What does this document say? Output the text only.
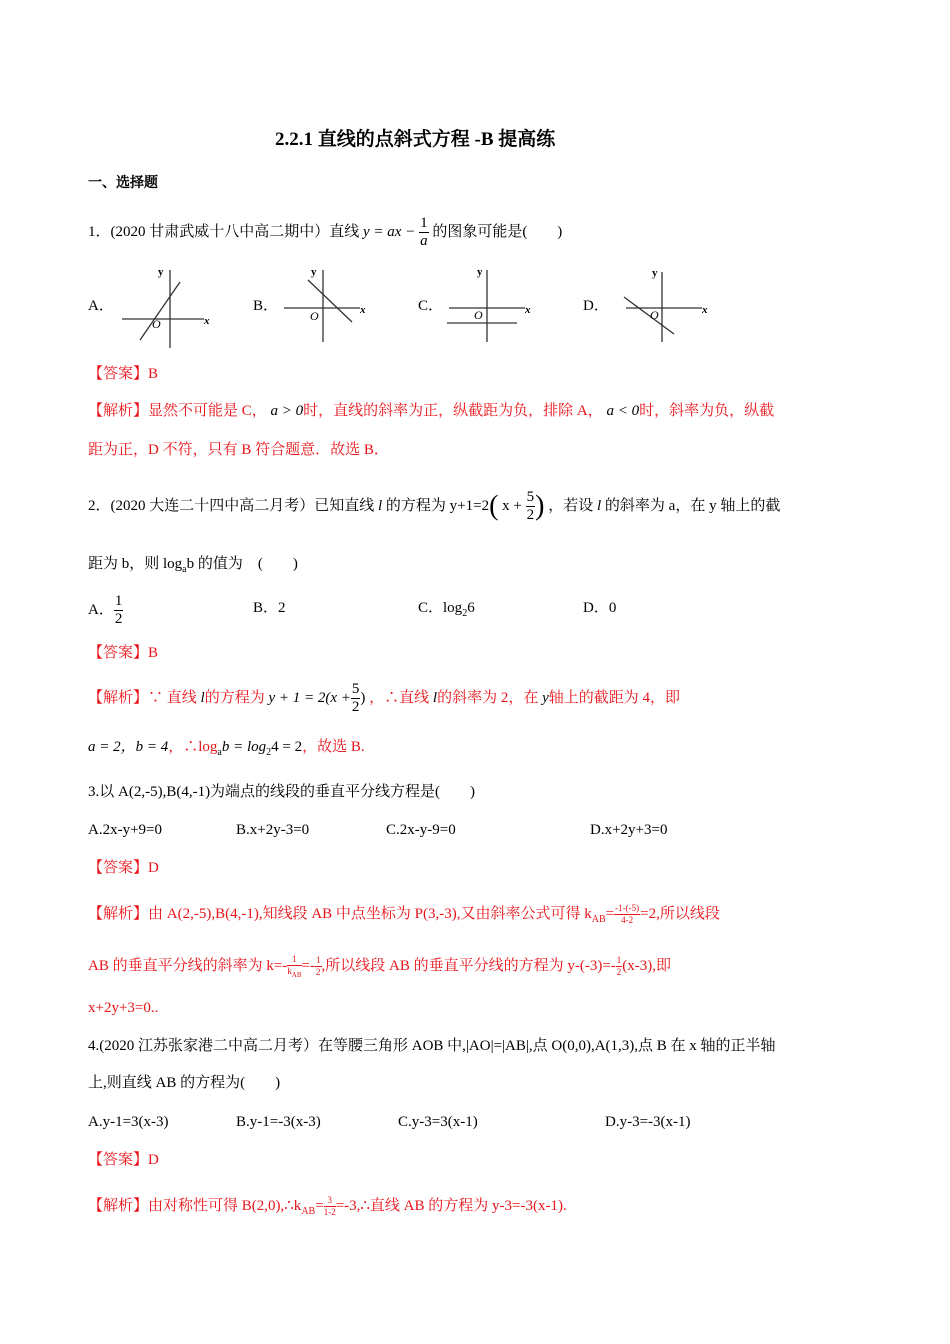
2.2.1 直线的点斜式方程 -B 提高练
一、选择题
1．(2020 甘肃武威十八中高二期中）直线 y = ax − $\frac{1}{a}$ 的图象可能是(　　)
A．	B．	C．	D．
y
x
O
y
x
O
y
x
O
y
x
O
【答案】B
【解析】显然不可能是 C， a > 0时，直线的斜率为正，纵截距为负，排除 A， a < 0时，斜率为负，纵截
距为正，D 不符，只有 B 符合题意．故选 B．
2．(2020 大连二十四中高二月考）已知直线 l 的方程为 y+1=2( $x + \frac{5}{2}$ ) ，若设 l 的斜率为 a，在 y 轴上的截
距为 b，则 $\log_ab$ 的值为　(　　)
A． $\frac{1}{2}$	B．2	C．$\log_26$	D．0
【答案】B
【解析】∵ 直线 l的方程为 $y + 1 = 2(x + \frac{5}{2}$ ) ，∴直线 l的斜率为 2，在 y轴上的截距为 4，即
a = 2，b = 4，$\therefore\log_ab = \log_24 = 2$，故选 B.
3.以 A(2,-5),B(4,-1)为端点的线段的垂直平分线方程是(　　)
A.2x-y+9=0	B.x+2y-3=0	C.2x-y-9=0	D.x+2y+3=0
【答案】D
【解析】由 A(2,-5),B(4,-1),知线段 AB 中点坐标为 P(3,-3),又由斜率公式可得 $k_{AB}= \frac{-1-(-5)}{4-2} =2$,所以线段
AB 的垂直平分线的斜率为 $k=- \frac{1}{k_{AB}} =- \frac{1}{2}$ ,所以线段 AB 的垂直平分线的方程为 $y-(-3)=- \frac{1}{2} (x-3)$,即
x+2y+3=0..
4.(2020 江苏张家港二中高二月考）在等腰三角形 AOB 中,|AO|=|AB|,点 O(0,0),A(1,3),点 B 在 x 轴的正半轴
上,则直线 AB 的方程为(　　)
A.y-1=3(x-3)	B.y-1=-3(x-3)	C.y-3=3(x-1)	D.y-3=-3(x-1)
【答案】D
【解析】由对称性可得 $B(2,0),\therefore k_{AB}= \frac{3}{1-2}$ =-3,∴直线 AB 的方程为 y-3=-3(x-1).
